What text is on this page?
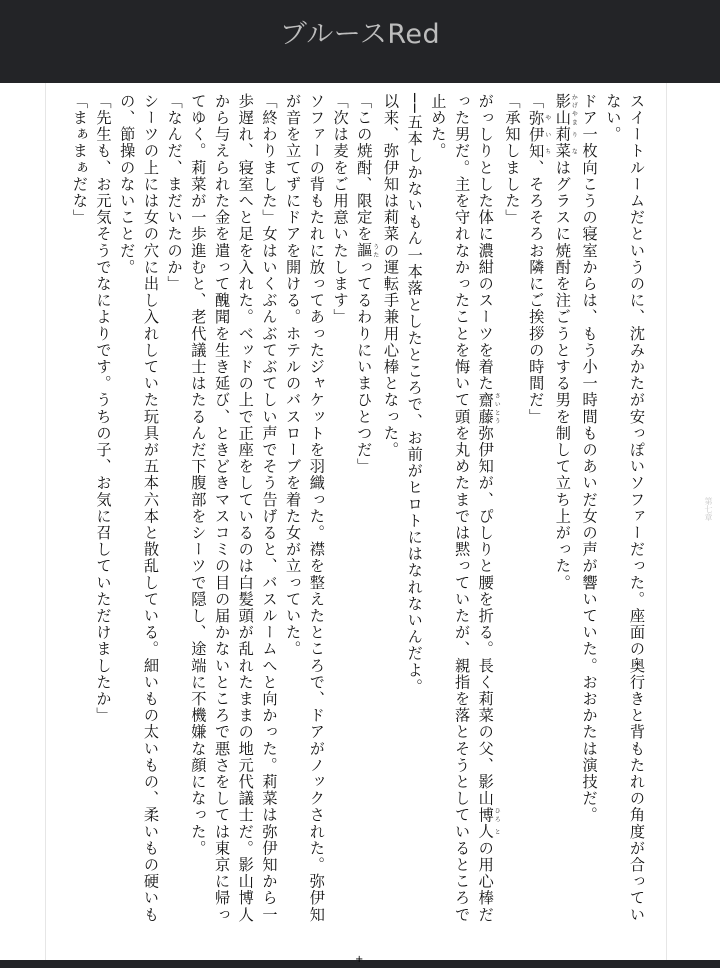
ブルースRed

スイートルームだというのに、沈みかたが安っぽいソファーだった。座面の奥行きと背もたれの角度が合っていない。

ドア一枚向こうの寝室からは、もう小一時間ものあいだ女の声が響いていた。おおかたは演技だ。

影山かげやま莉菜りなはグラスに焼酎を注ごうとする男を制して立ち上がった。

「弥伊知やいち、そろそろお隣にご挨拶の時間だ」

「承知しました」

がっしりとした体に濃紺のスーツを着た齋藤さいとう弥伊知が、ぴしりと腰を折る。長く莉菜の父、影山博ひろ人との用心棒だった男だ。主を守れなかったことを悔いて頭を丸めたまでは黙っていたが、親指を落とそうとしているところで止めた。

──五本しかないもん一本落としたところで、お前がヒロトにはなれないんだよ。

以来、弥伊知は莉菜の運転手兼用心棒となった。

「この焼酎、限定を謳うたってるわりにいまひとつだ」

「次は麦をご用意いたします」

ソファーの背もたれに放ってあったジャケットを羽織った。襟を整えたところで、ドアがノックされた。弥伊知が音を立てずにドアを開ける。ホテルのバスローブを着た女が立っていた。

「終わりました」女はいくぶんぶてぶてしい声でそう告げると、バスルームへと向かった。莉菜は弥伊知から一歩遅れ、寝室へと足を入れた。ベッドの上で正座をしているのは白髪頭が乱れたままの地元代議士だ。影山博人から与えられた金を遣って醜聞を生き延び、ときどきマスコミの目の届かないところで悪さをしては東京に帰ってゆく。莉菜が一歩進むと、老代議士はたるんだ下腹部をシーツで隠し、途端に不機嫌な顔になった。

「なんだ、まだいたのか」

シーツの上には女の穴に出し入れしていた玩具が五本六本と散乱している。細いもの太いもの、柔いもの硬いもの、節操のないことだ。

「先生も、お元気そうでなによりです。うちの子、お気に召していただけましたか」

「まぁまぁだな」

第七章
+
